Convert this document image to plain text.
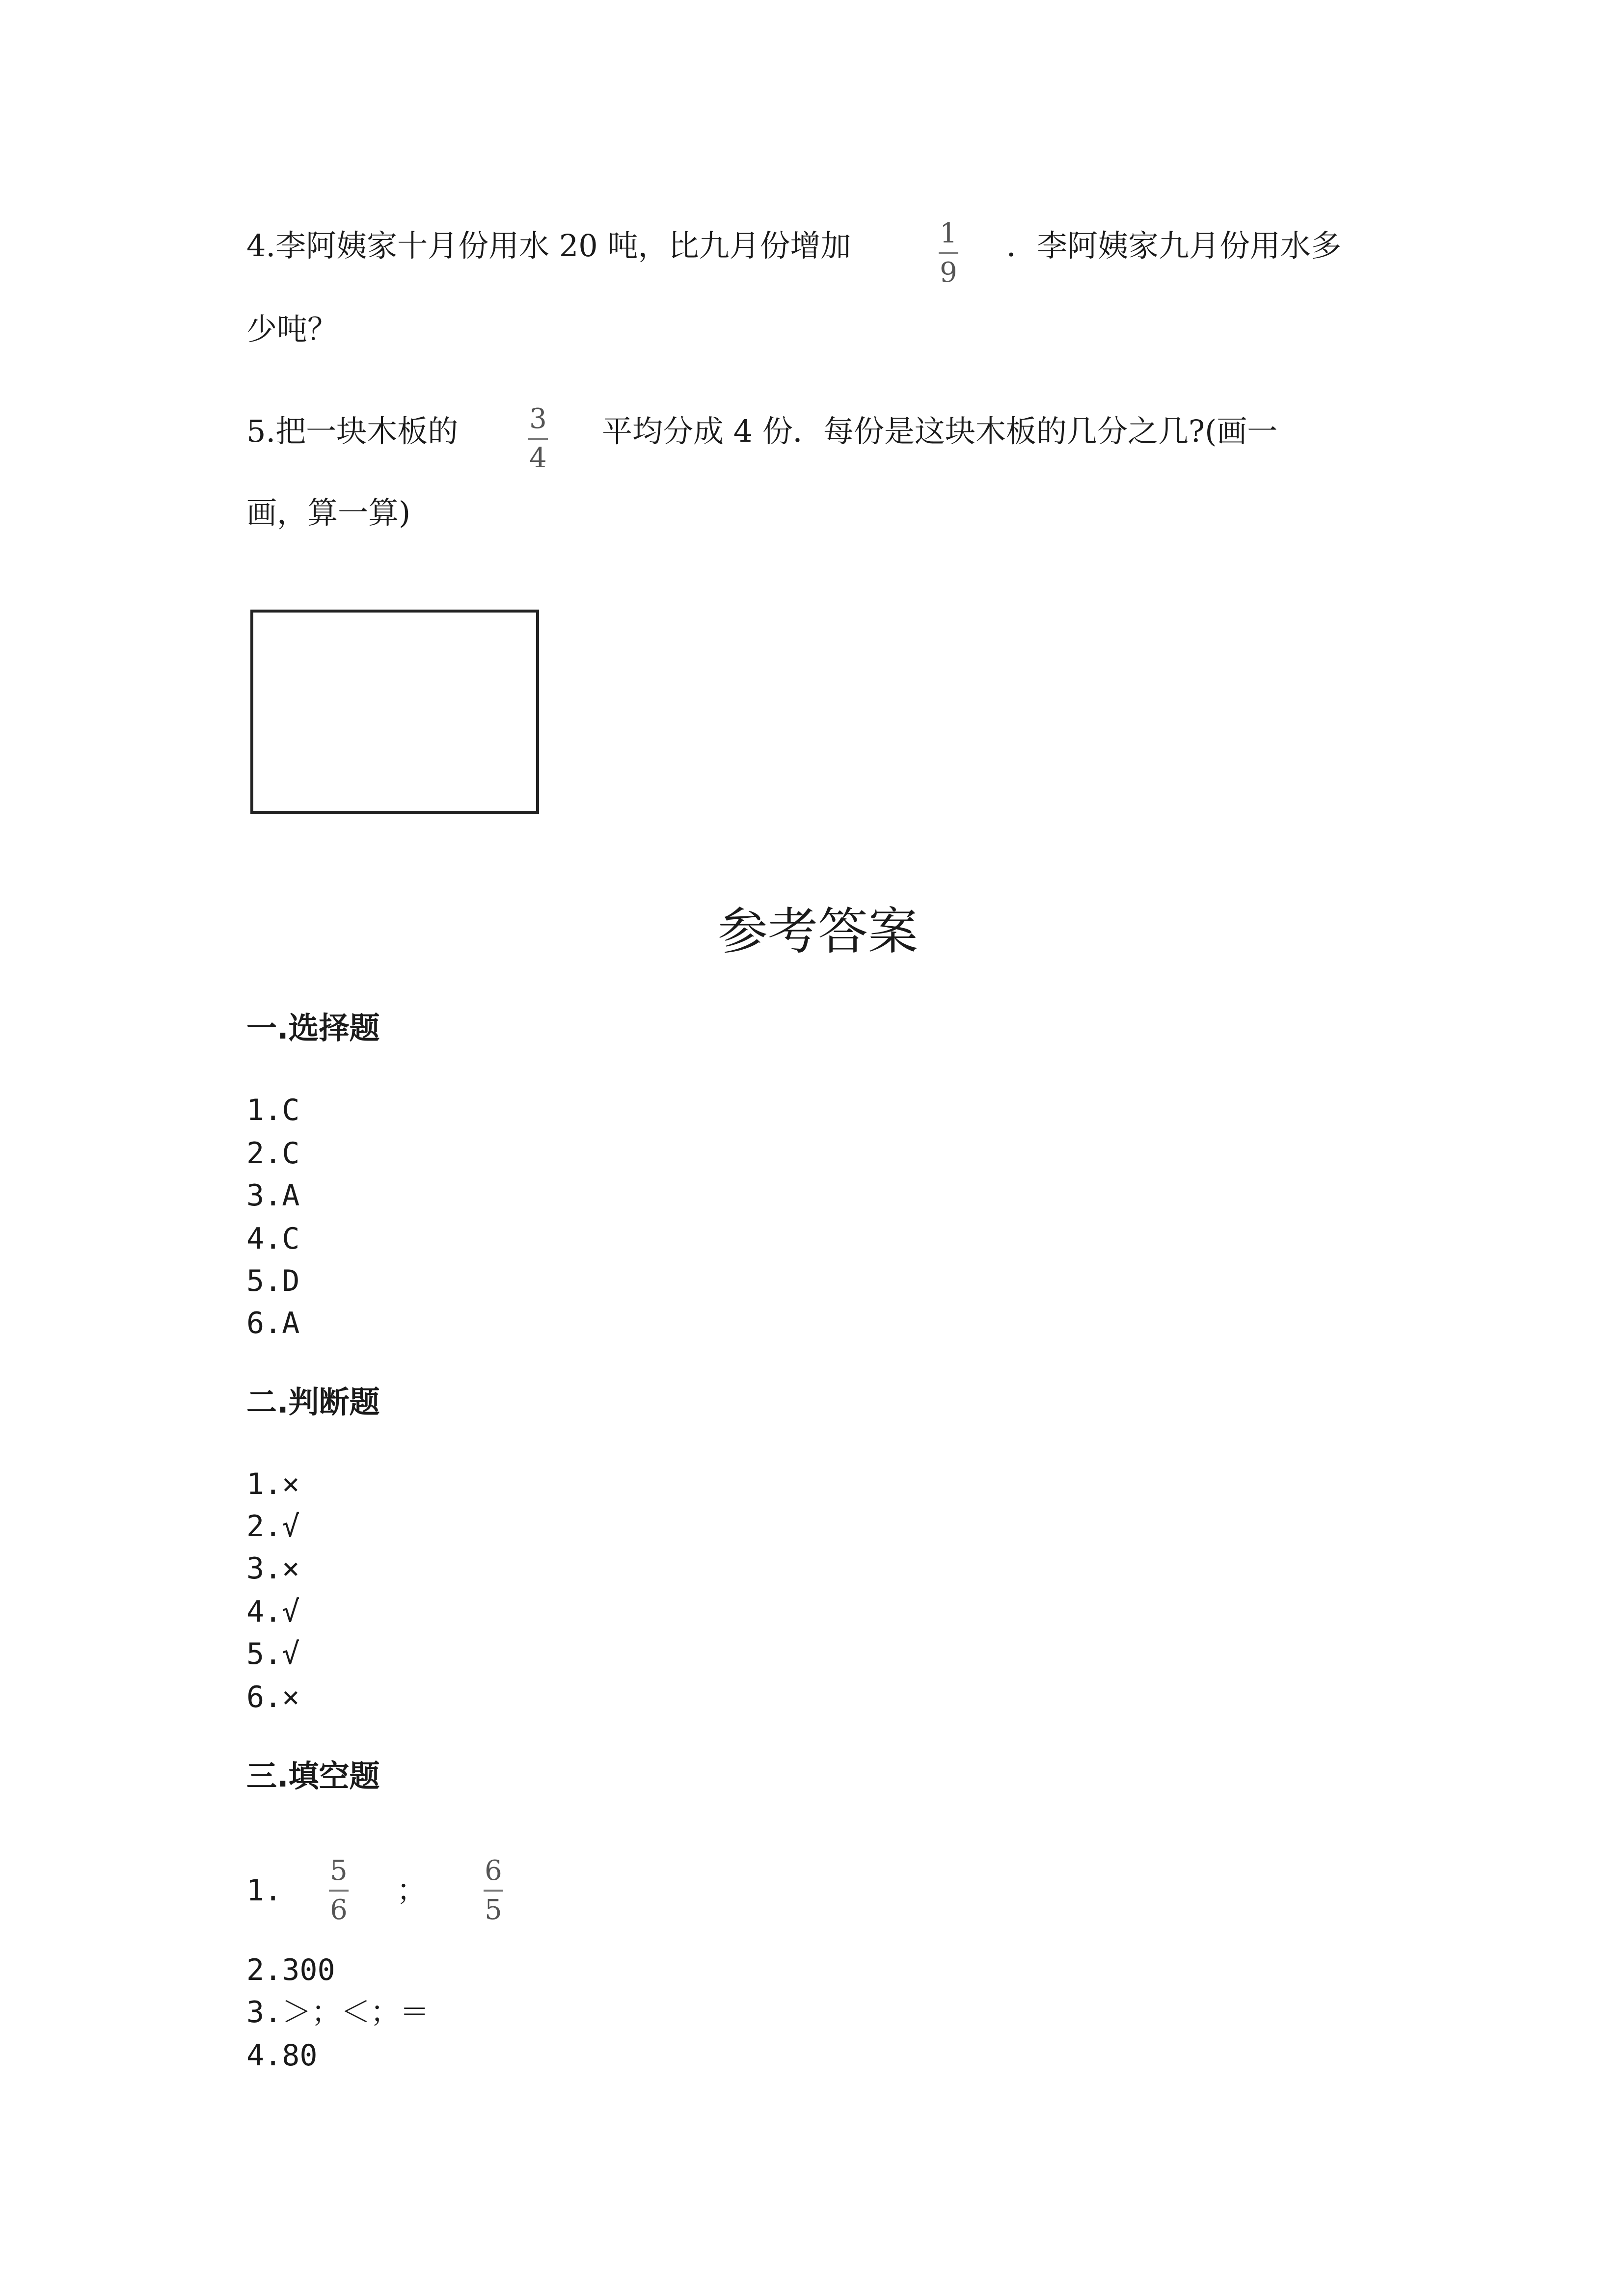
4.李阿姨家十月份用水 20 吨，比九月份增加	1
9
．李阿姨家九月份用水多
少吨？
5.把一块木板的	3
4
平均分成 4 份．每份是这块木板的几分之几?(画一
画，算一算)
参考答案
一.选择题
1.C
2.C
3.A
4.C
5.D
6.A
二.判断题
1.×
2.√
3.×
4.√
5.√
6.×
三.填空题
1.
5
6
；
6
5
2.300
3.＞；＜；＝
4.80
